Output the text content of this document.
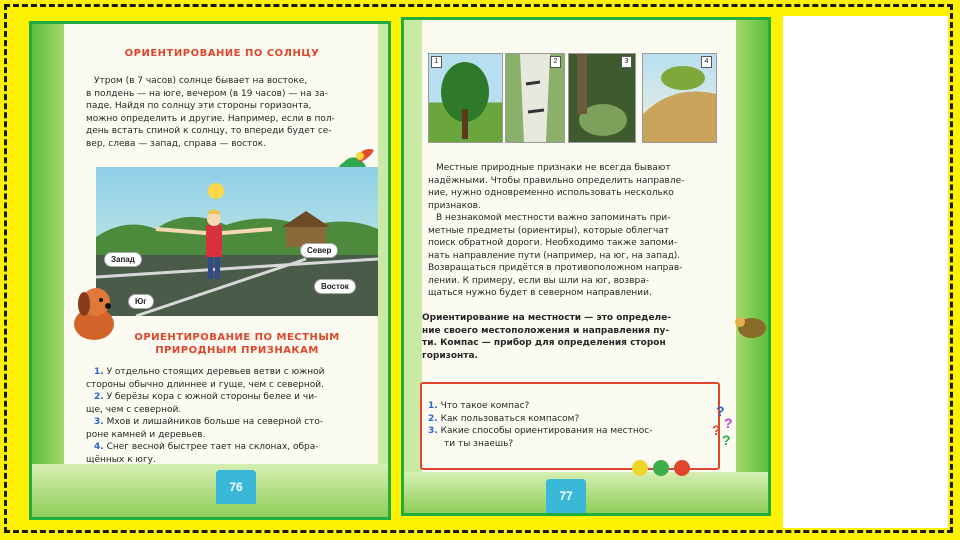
ОРИЕНТИРОВАНИЕ ПО СОЛНЦУ

Утром (в 7 часов) солнце бывает на востоке,

в полдень — на юге, вечером (в 19 часов) — на за-

паде. Найдя по солнцу эти стороны горизонта,

можно определить и другие. Например, если в пол-

день встать спиной к солнцу, то впереди будет се-

вер, слева — запад, справа — восток.

Запад
Север
Восток
Юг
ОРИЕНТИРОВАНИЕ ПО МЕСТНЫМ
ПРИРОДНЫМ ПРИЗНАКАМ

1. У отдельно стоящих деревьев ветви с южной

стороны обычно длиннее и гуще, чем с северной.

2. У берёзы кора с южной стороны белее и чи-

ще, чем с северной.

3. Мхов и лишайников больше на северной сто-

роне камней и деревьев.

4. Снег весной быстрее тает на склонах, обра-

щённых к югу.

76
1	2	3	4

Местные природные признаки не всегда бывают

надёжными. Чтобы правильно определить направле-

ние, нужно одновременно использовать несколько

признаков.

В незнакомой местности важно запоминать при-

метные предметы (ориентиры), которые облегчат

поиск обратной дороги. Необходимо также запоми-

нать направление пути (например, на юг, на запад).

Возвращаться придётся в противоположном направ-

лении. К примеру, если вы шли на юг, возвра-

щаться нужно будет в северном направлении.

Ориентирование на местности — это определе-

ние своего местоположения и направления пу-

ти. Компас — прибор для определения сторон

горизонта.

1. Что такое компас?

2. Как пользоваться компасом?

3. Какие способы ориентирования на местнос-

ти ты знаешь?

?
?
?
?
77
